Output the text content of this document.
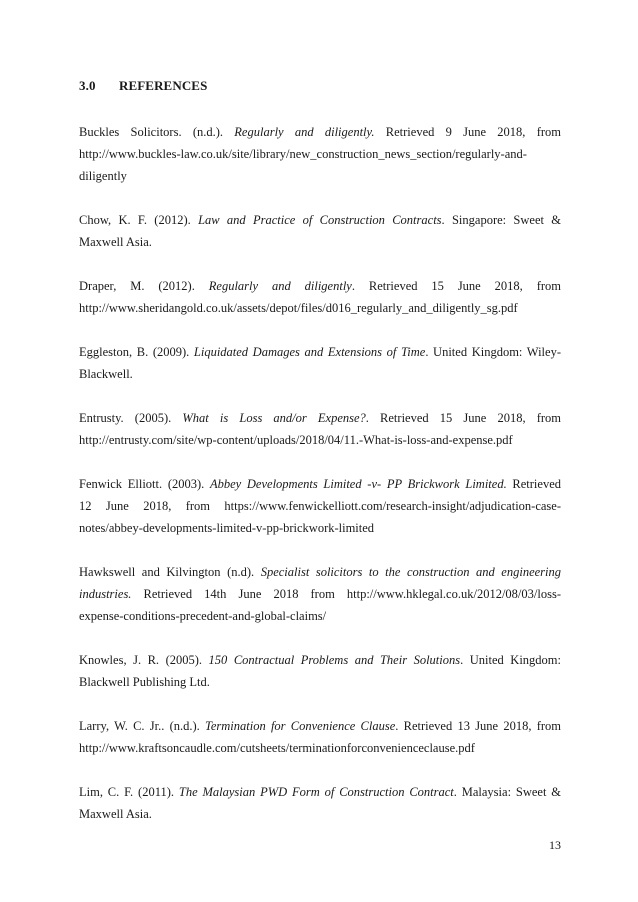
3.0 REFERENCES
Buckles Solicitors. (n.d.). Regularly and diligently. Retrieved 9 June 2018, from
http://www.buckles-law.co.uk/site/library/new_construction_news_section/regularly-and-
diligently
Chow, K. F. (2012). Law and Practice of Construction Contracts. Singapore: Sweet &
Maxwell Asia.
Draper, M. (2012). Regularly and diligently. Retrieved 15 June 2018, from
http://www.sheridangold.co.uk/assets/depot/files/d016_regularly_and_diligently_sg.pdf
Eggleston, B. (2009). Liquidated Damages and Extensions of Time. United Kingdom: Wiley-
Blackwell.
Entrusty. (2005). What is Loss and/or Expense?. Retrieved 15 June 2018, from
http://entrusty.com/site/wp-content/uploads/2018/04/11.-What-is-loss-and-expense.pdf
Fenwick Elliott. (2003). Abbey Developments Limited -v- PP Brickwork Limited. Retrieved
12 June 2018, from https://www.fenwickelliott.com/research-insight/adjudication-case-
notes/abbey-developments-limited-v-pp-brickwork-limited
Hawkswell and Kilvington (n.d). Specialist solicitors to the construction and engineering
industries. Retrieved 14th June 2018 from http://www.hklegal.co.uk/2012/08/03/loss-
expense-conditions-precedent-and-global-claims/
Knowles, J. R. (2005). 150 Contractual Problems and Their Solutions. United Kingdom:
Blackwell Publishing Ltd.
Larry, W. C. Jr.. (n.d.). Termination for Convenience Clause. Retrieved 13 June 2018, from
http://www.kraftsoncaudle.com/cutsheets/terminationforconvenienceclause.pdf
Lim, C. F. (2011). The Malaysian PWD Form of Construction Contract. Malaysia: Sweet &
Maxwell Asia.
13
